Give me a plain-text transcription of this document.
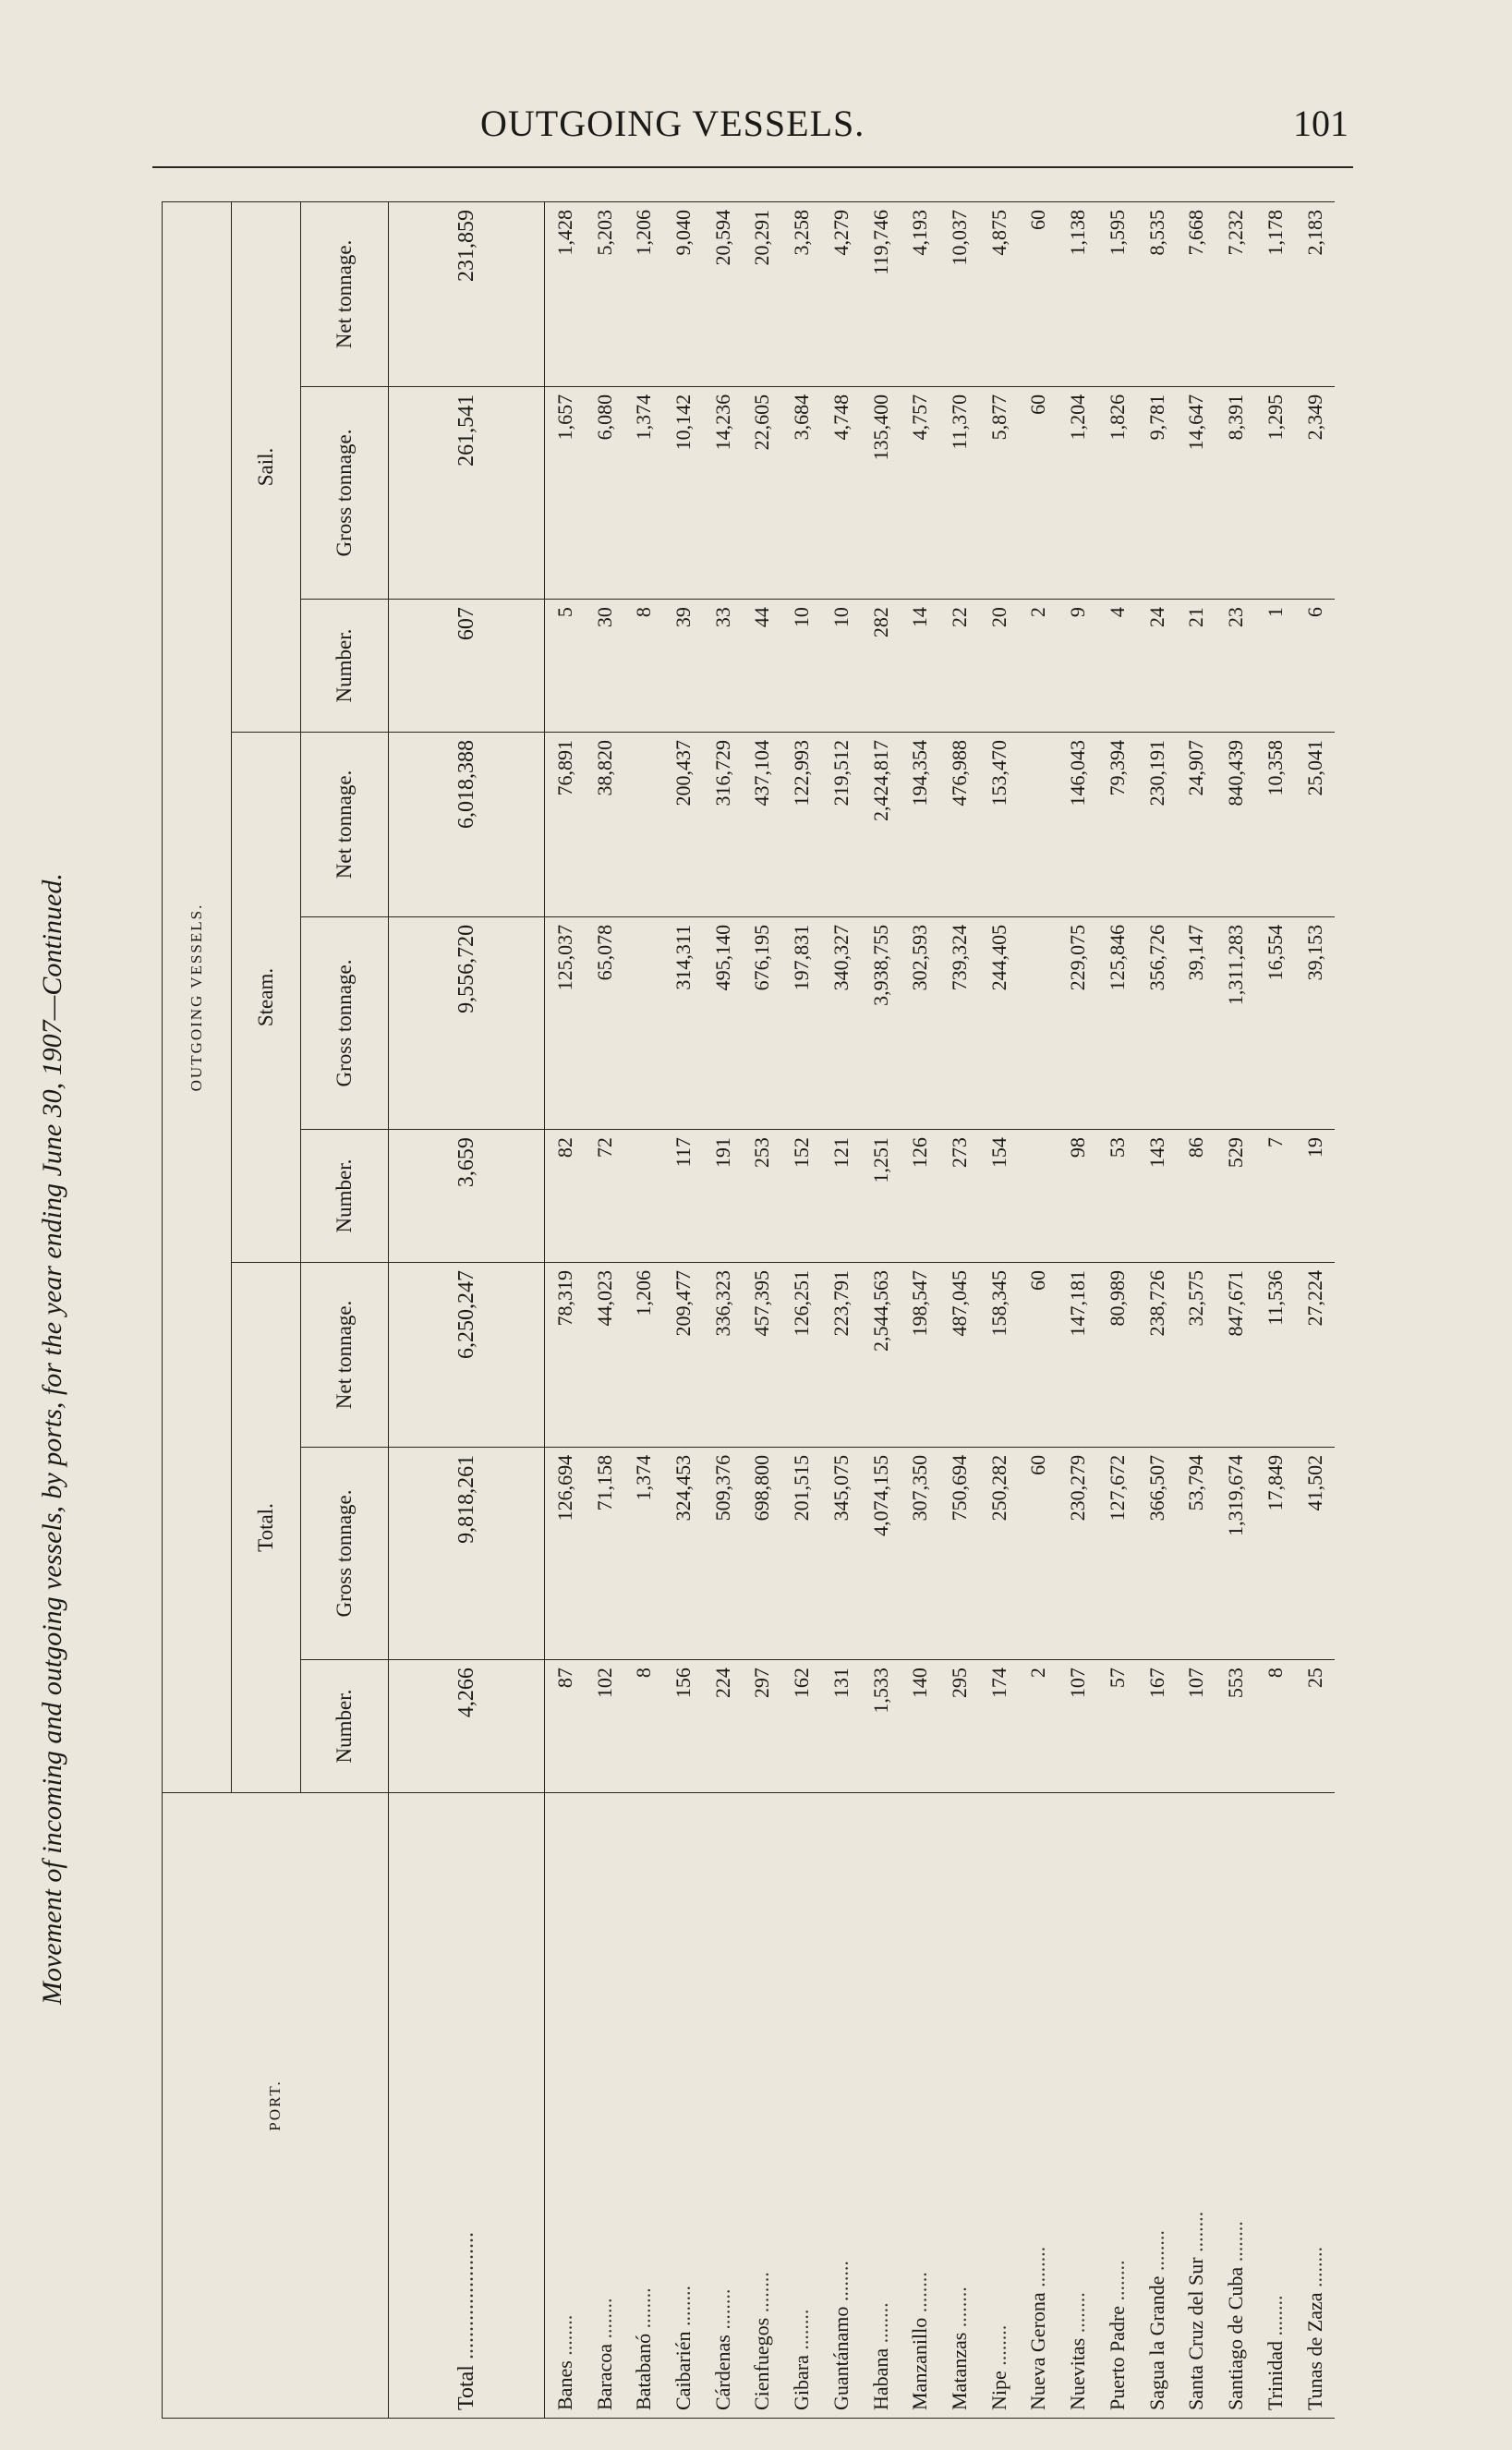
OUTGOING VESSELS.	101
Movement of incoming and outgoing vessels, by ports, for the year ending June 30, 1907—Continued.
PORT.	OUTGOING VESSELS.								
	Total.			Steam.			Sail.		
	Number.	Gross tonnage.	Net tonnage.	Number.	Gross tonnage.	Net tonnage.	Number.	Gross tonnage.	Net tonnage.
Total .......................	4,266	9,818,261	6,250,247	3,659	9,556,720	6,018,388	607	261,541	231,859
Banes ........	87	126,694	78,319	82	125,037	76,891	5	1,657	1,428
Baracoa ........	102	71,158	44,023	72	65,078	38,820	30	6,080	5,203
Batabanó ........	8	1,374	1,206				8	1,374	1,206
Caibarién ........	156	324,453	209,477	117	314,311	200,437	39	10,142	9,040
Cárdenas ........	224	509,376	336,323	191	495,140	316,729	33	14,236	20,594
Cienfuegos ........	297	698,800	457,395	253	676,195	437,104	44	22,605	20,291
Gibara ........	162	201,515	126,251	152	197,831	122,993	10	3,684	3,258
Guantánamo ........	131	345,075	223,791	121	340,327	219,512	10	4,748	4,279
Habana ........	1,533	4,074,155	2,544,563	1,251	3,938,755	2,424,817	282	135,400	119,746
Manzanillo ........	140	307,350	198,547	126	302,593	194,354	14	4,757	4,193
Matanzas ........	295	750,694	487,045	273	739,324	476,988	22	11,370	10,037
Nipe ........	174	250,282	158,345	154	244,405	153,470	20	5,877	4,875
Nueva Gerona ........	2	60	60				2	60	60
Nuevitas ........	107	230,279	147,181	98	229,075	146,043	9	1,204	1,138
Puerto Padre ........	57	127,672	80,989	53	125,846	79,394	4	1,826	1,595
Sagua la Grande ........	167	366,507	238,726	143	356,726	230,191	24	9,781	8,535
Santa Cruz del Sur ........	107	53,794	32,575	86	39,147	24,907	21	14,647	7,668
Santiago de Cuba ........	553	1,319,674	847,671	529	1,311,283	840,439	23	8,391	7,232
Trinidad ........	8	17,849	11,536	7	16,554	10,358	1	1,295	1,178
Tunas de Zaza ........	25	41,502	27,224	19	39,153	25,041	6	2,349	2,183
